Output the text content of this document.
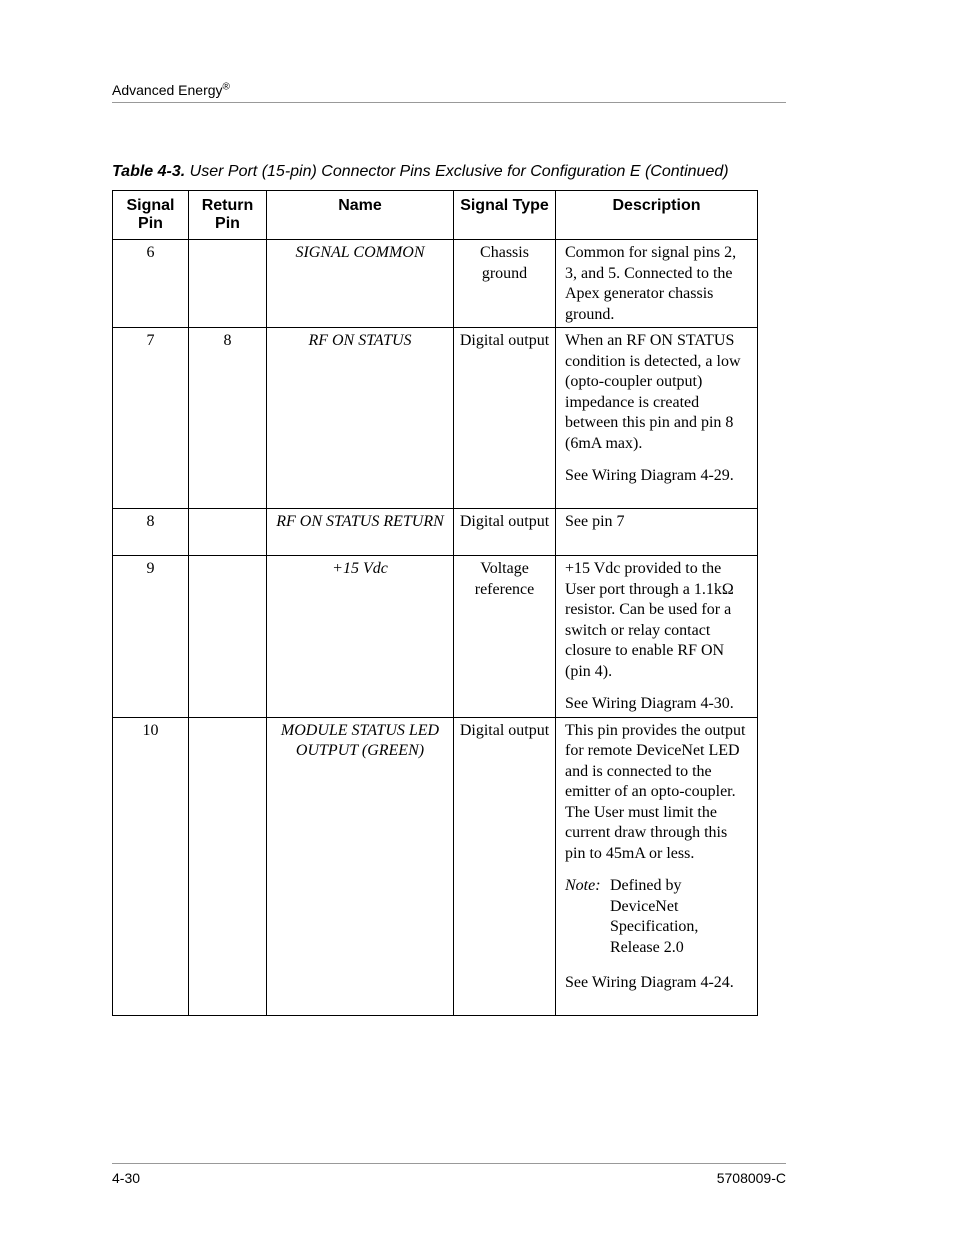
Advanced Energy®
Table 4-3. User Port (15-pin) Connector Pins Exclusive for Configuration E (Continued)
Signal Pin	Return Pin	Name	Signal Type	Description
6		SIGNAL COMMON	Chassis ground	Common for signal pins 2, 3, and 5. Connected to the Apex generator chassis ground.

7	8	RF ON STATUS	Digital output	When an RF ON STATUS condition is detected, a low (opto-coupler output) impedance is created between this pin and pin 8 (6mA max).

See Wiring Diagram 4-29.

8		RF ON STATUS RETURN	Digital output	See pin 7

9		+15 Vdc	Voltage reference	+15 Vdc provided to the User port through a 1.1kΩ resistor. Can be used for a switch or relay contact closure to enable RF ON (pin 4).

See Wiring Diagram 4-30.

10		MODULE STATUS LED OUTPUT (GREEN)	Digital output	This pin provides the output for remote DeviceNet LED and is connected to the emitter of an opto-coupler. The User must limit the current draw through this pin to 45mA or less.

Note: Defined by DeviceNet Specification, Release 2.0

See Wiring Diagram 4-24.

4-30	5708009-C
